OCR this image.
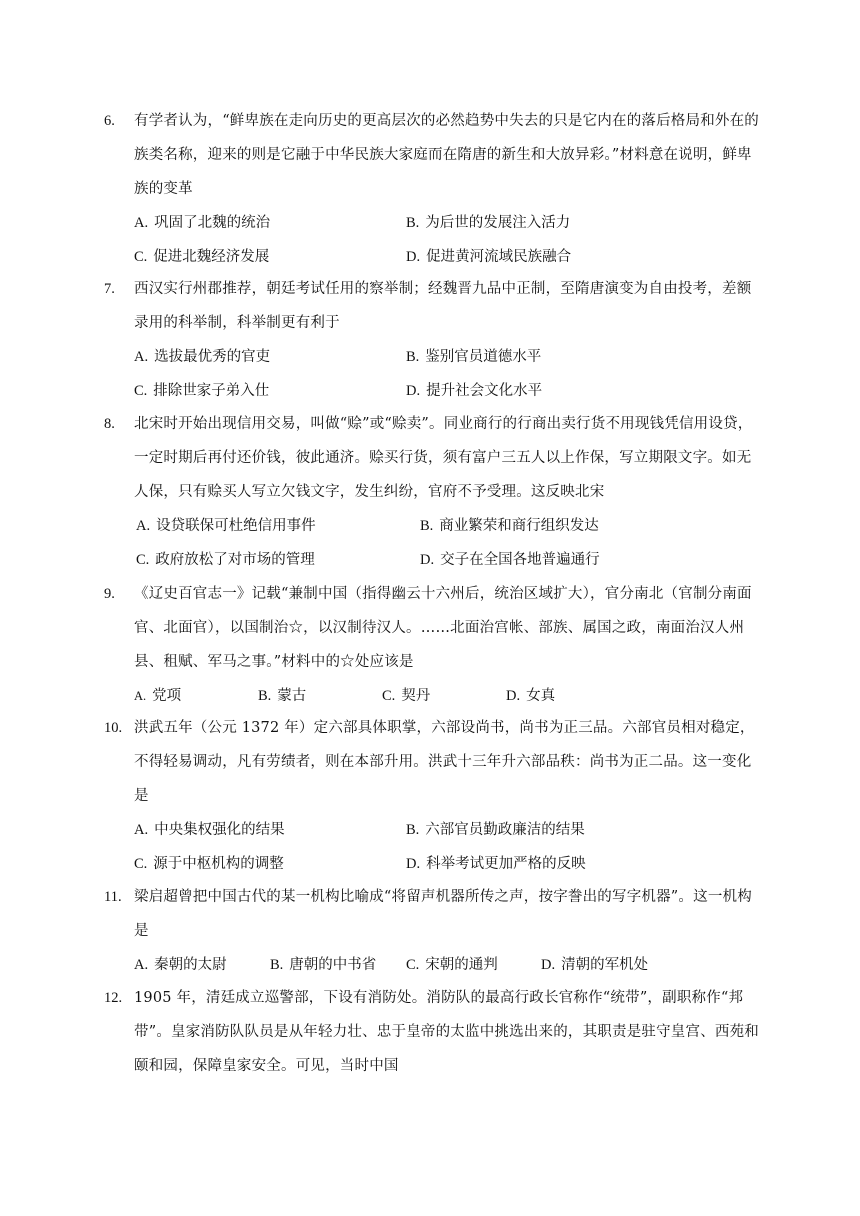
6. 有学者认为，“鲜卑族在走向历史的更高层次的必然趋势中失去的只是它内在的落后格局和外在的族类名称，迎来的则是它融于中华民族大家庭而在隋唐的新生和大放异彩。”材料意在说明，鲜卑族的变革
A. 巩固了北魏的统治	B. 为后世的发展注入活力
C. 促进北魏经济发展	D. 促进黄河流域民族融合
7. 西汉实行州郡推荐，朝廷考试任用的察举制；经魏晋九品中正制，至隋唐演变为自由投考，差额录用的科举制，科举制更有利于
A. 选拔最优秀的官吏	B. 鉴别官员道德水平
C. 排除世家子弟入仕	D. 提升社会文化水平
8. 北宋时开始出现信用交易，叫做“赊”或“赊卖”。同业商行的行商出卖行货不用现钱凭信用设贷，一定时期后再付还价钱，彼此通济。赊买行货，须有富户三五人以上作保，写立期限文字。如无人保，只有赊买人写立欠钱文字，发生纠纷，官府不予受理。这反映北宋
A. 设贷联保可杜绝信用事件	B. 商业繁荣和商行组织发达
C. 政府放松了对市场的管理	D. 交子在全国各地普遍通行
9. 《辽史百官志一》记载“兼制中国（指得幽云十六州后，统治区域扩大），官分南北（官制分南面官、北面官），以国制治☆，以汉制待汉人。……北面治宫帐、部族、属国之政，南面治汉人州县、租赋、军马之事。”材料中的☆处应该是
A. 党项	B. 蒙古	C. 契丹	D. 女真
10. 洪武五年（公元 1372 年）定六部具体职掌，六部设尚书，尚书为正三品。六部官员相对稳定，不得轻易调动，凡有劳绩者，则在本部升用。洪武十三年升六部品秩：尚书为正二品。这一变化是
A. 中央集权强化的结果	B. 六部官员勤政廉洁的结果
C. 源于中枢机构的调整	D. 科举考试更加严格的反映
11. 梁启超曾把中国古代的某一机构比喻成“将留声机器所传之声，按字誊出的写字机器”。这一机构是
A. 秦朝的太尉	B. 唐朝的中书省 C. 宋朝的通判	D. 清朝的军机处
12. 1905 年，清廷成立巡警部，下设有消防处。消防队的最高行政长官称作“统带”，副职称作“邦带”。皇家消防队队员是从年轻力壮、忠于皇帝的太监中挑选出来的，其职责是驻守皇宫、西苑和颐和园，保障皇家安全。可见，当时中国
